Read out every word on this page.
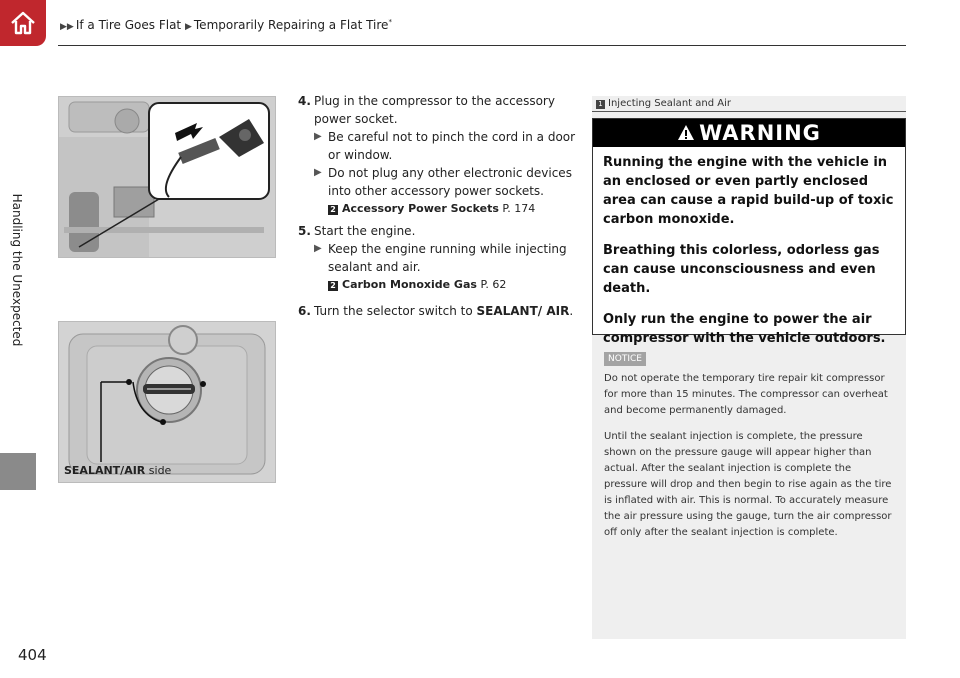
▶▶ If a Tire Goes Flat ▶ Temporarily Repairing a Flat Tire*
Handling the Unexpected
404
SEALANT/AIR side
4. Plug in the compressor to the accessory power socket.
▶ Be careful not to pinch the cord in a door or window.
▶ Do not plug any other electronic devices into other accessory power sockets.
2 Accessory Power Sockets P. 174
5. Start the engine.
▶ Keep the engine running while injecting sealant and air.
2 Carbon Monoxide Gas P. 62
6. Turn the selector switch to SEALANT/ AIR.
1 Injecting Sealant and Air
WARNING

Running the engine with the vehicle in an enclosed or even partly enclosed area can cause a rapid build-up of toxic carbon monoxide.

Breathing this colorless, odorless gas can cause unconsciousness and even death.

Only run the engine to power the air compressor with the vehicle outdoors.

NOTICE

Do not operate the temporary tire repair kit compressor for more than 15 minutes. The compressor can overheat and become permanently damaged.

Until the sealant injection is complete, the pressure shown on the pressure gauge will appear higher than actual. After the sealant injection is complete the pressure will drop and then begin to rise again as the tire is inflated with air. This is normal. To accurately measure the air pressure using the gauge, turn the air compressor off only after the sealant injection is complete.
